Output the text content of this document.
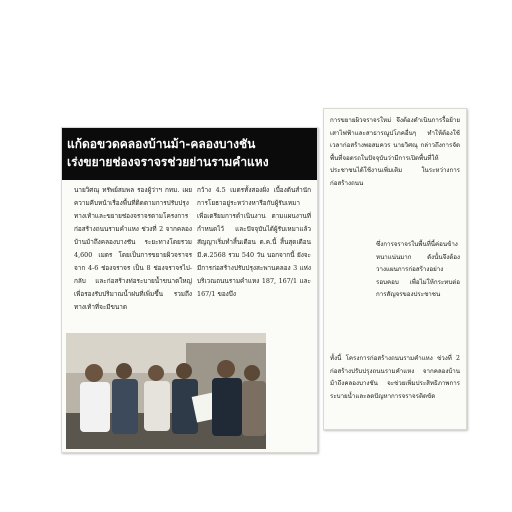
แก้ดอขวดคลองบ้านม้า-คลองบางชัน
เร่งขยายช่องจราจรช่วยย่านรามคำแหง

นายวิศณุ ทรัพย์สมพล รองผู้ว่าฯ กทม. เผยความคืบหน้าเรื่องพื้นที่ติดตามการปรับปรุงทางเท้าและขยายช่องจราจรตามโครงการก่อสร้างถนนรามคำแหง ช่วงที่ 2 จากคลองบ้านม้าถึงคลองบางชัน ระยะทางโดยรวม 4,600 เมตร โดยเป็นการขยายผิวจราจรจาก 4-6 ช่องจราจร เป็น 8 ช่องจราจรไป-กลับ และก่อสร้างท่อระบายน้ำขนาดใหญ่ เพื่อรองรับปริมาณน้ำฝนที่เพิ่มขึ้น รวมถึงทางเท้าที่จะมีขนาด

กว้าง 4.5 เมตรทั้งสองฝั่ง เบื้องต้นสำนักการโยธาอยู่ระหว่างหารือกับผู้รับเหมา เพื่อเตรียมการดำเนินงาน ตามแผนงานที่กำหนดไว้ และปัจจุบันได้ผู้รับเหมาแล้ว สัญญาเริ่มทำสิ้นเดือน ต.ค.นี้ สิ้นสุดเดือน มี.ค.2568 รวม 540 วัน นอกจากนี้ ยังจะมีการก่อสร้างปรับปรุงสะพานคลอง 3 แห่ง บริเวณถนนรามคำแหง 187, 167/1 และ 167/1 ของบึง

การขยายผิวจราจรใหม่ จึงต้องดำเนินการรื้อย้ายเสาไฟฟ้าและสาธารณูปโภคอื่นๆ ทำให้ต้องใช้เวลาก่อสร้างพอสมควร นายวิศณุ กล่าวถึงการจัดพื้นที่จอดรถในปัจจุบันว่ามีการเปิดพื้นที่ให้ประชาชนได้ใช้งานเพิ่มเติม ในระหว่างการก่อสร้างถนน

ซึ่งการจราจรในพื้นที่นี้ค่อนข้างหนาแน่นมาก ดังนั้นจึงต้องวางแผนการก่อสร้างอย่างรอบคอบ เพื่อไม่ให้กระทบต่อการสัญจรของประชาชน

ทั้งนี้ โครงการก่อสร้างถนนรามคำแหง ช่วงที่ 2 ก่อสร้างปรับปรุงถนนรามคำแหง จากคลองบ้านม้าถึงคลองบางชัน จะช่วยเพิ่มประสิทธิภาพการระบายน้ำและลดปัญหาการจราจรติดขัด
